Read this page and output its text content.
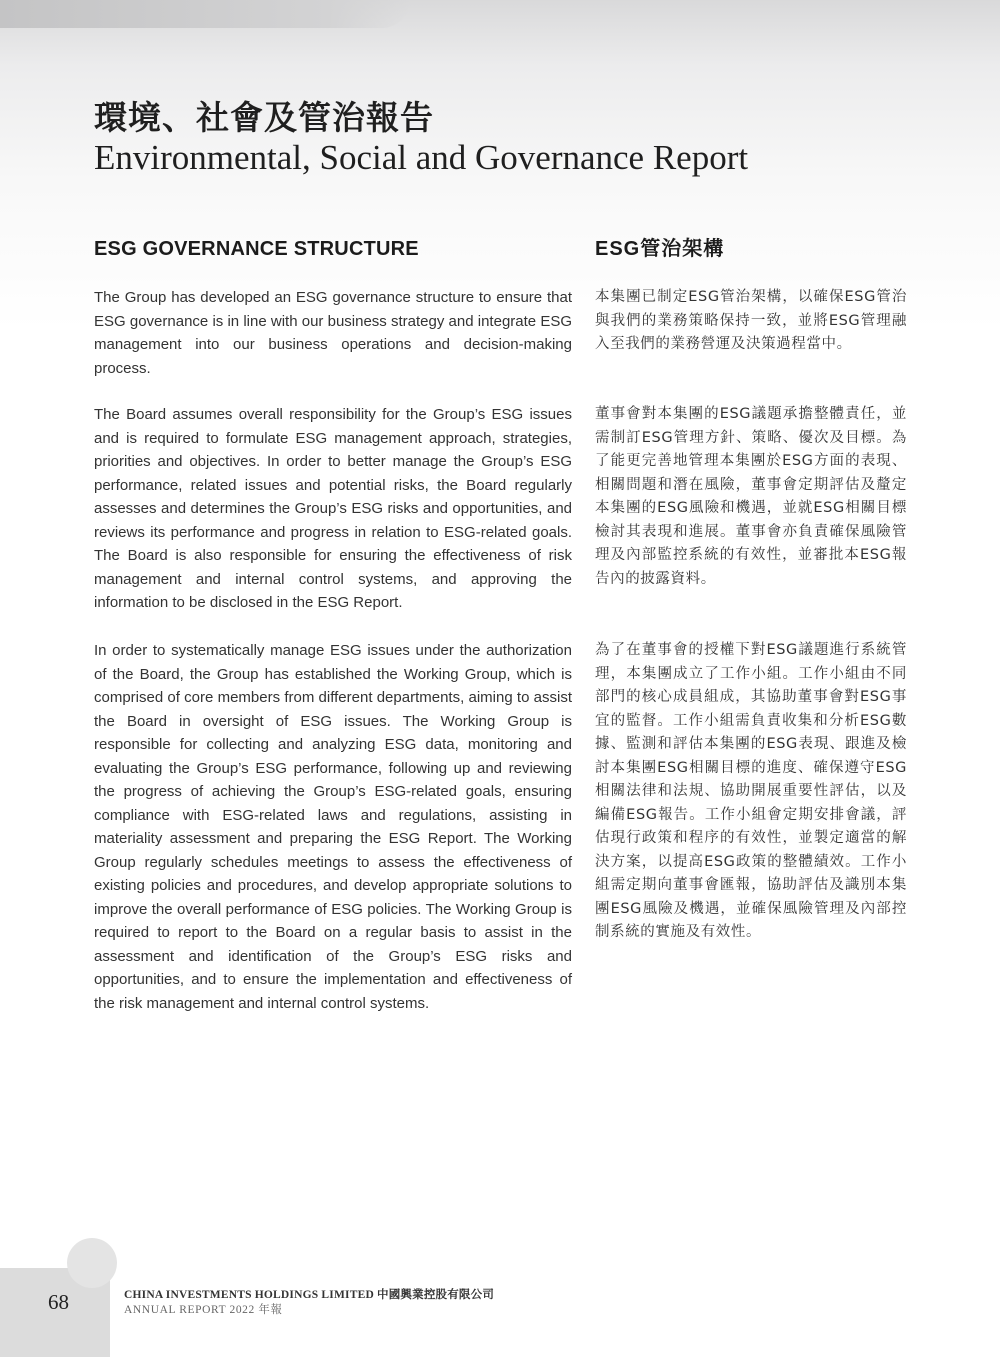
環境、社會及管治報告
Environmental, Social and Governance Report
ESG GOVERNANCE STRUCTURE	ESG管治架構

The Group has developed an ESG governance structure to ensure that ESG governance is in line with our business strategy and integrate ESG management into our business operations and decision-making process.

The Board assumes overall responsibility for the Group’s ESG issues and is required to formulate ESG management approach, strategies, priorities and objectives. In order to better manage the Group’s ESG performance, related issues and potential risks, the Board regularly assesses and determines the Group’s ESG risks and opportunities, and reviews its performance and progress in relation to ESG-related goals. The Board is also responsible for ensuring the effectiveness of risk management and internal control systems, and approving the information to be disclosed in the ESG Report.

In order to systematically manage ESG issues under the authorization of the Board, the Group has established the Working Group, which is comprised of core members from different departments, aiming to assist the Board in oversight of ESG issues. The Working Group is responsible for collecting and analyzing ESG data, monitoring and evaluating the Group’s ESG performance, following up and reviewing the progress of achieving the Group’s ESG-related goals, ensuring compliance with ESG-related laws and regulations, assisting in materiality assessment and preparing the ESG Report. The Working Group regularly schedules meetings to assess the effectiveness of existing policies and procedures, and develop appropriate solutions to improve the overall performance of ESG policies. The Working Group is required to report to the Board on a regular basis to assist in the assessment and identification of the Group’s ESG risks and opportunities, and to ensure the implementation and effectiveness of the risk management and internal control systems.

本集團已制定ESG管治架構，以確保ESG管治與我們的業務策略保持一致，並將ESG管理融入至我們的業務營運及決策過程當中。

董事會對本集團的ESG議題承擔整體責任，並需制訂ESG管理方針、策略、優次及目標。為了能更完善地管理本集團於ESG方面的表現、相關問題和潛在風險，董事會定期評估及釐定本集團的ESG風險和機遇，並就ESG相關目標檢討其表現和進展。董事會亦負責確保風險管理及內部監控系統的有效性，並審批本ESG報告內的披露資料。

為了在董事會的授權下對ESG議題進行系統管理，本集團成立了工作小組。工作小組由不同部門的核心成員組成，其協助董事會對ESG事宜的監督。工作小組需負責收集和分析ESG數據、監測和評估本集團的ESG表現、跟進及檢討本集團ESG相關目標的進度、確保遵守ESG相關法律和法規、協助開展重要性評估，以及編備ESG報告。工作小組會定期安排會議，評估現行政策和程序的有效性，並製定適當的解決方案，以提高ESG政策的整體績效。工作小組需定期向董事會匯報，協助評估及識別本集團ESG風險及機遇，並確保風險管理及內部控制系統的實施及有效性。

68	CHINA INVESTMENTS HOLDINGS LIMITED 中國興業控股有限公司

ANNUAL REPORT 2022 年報
